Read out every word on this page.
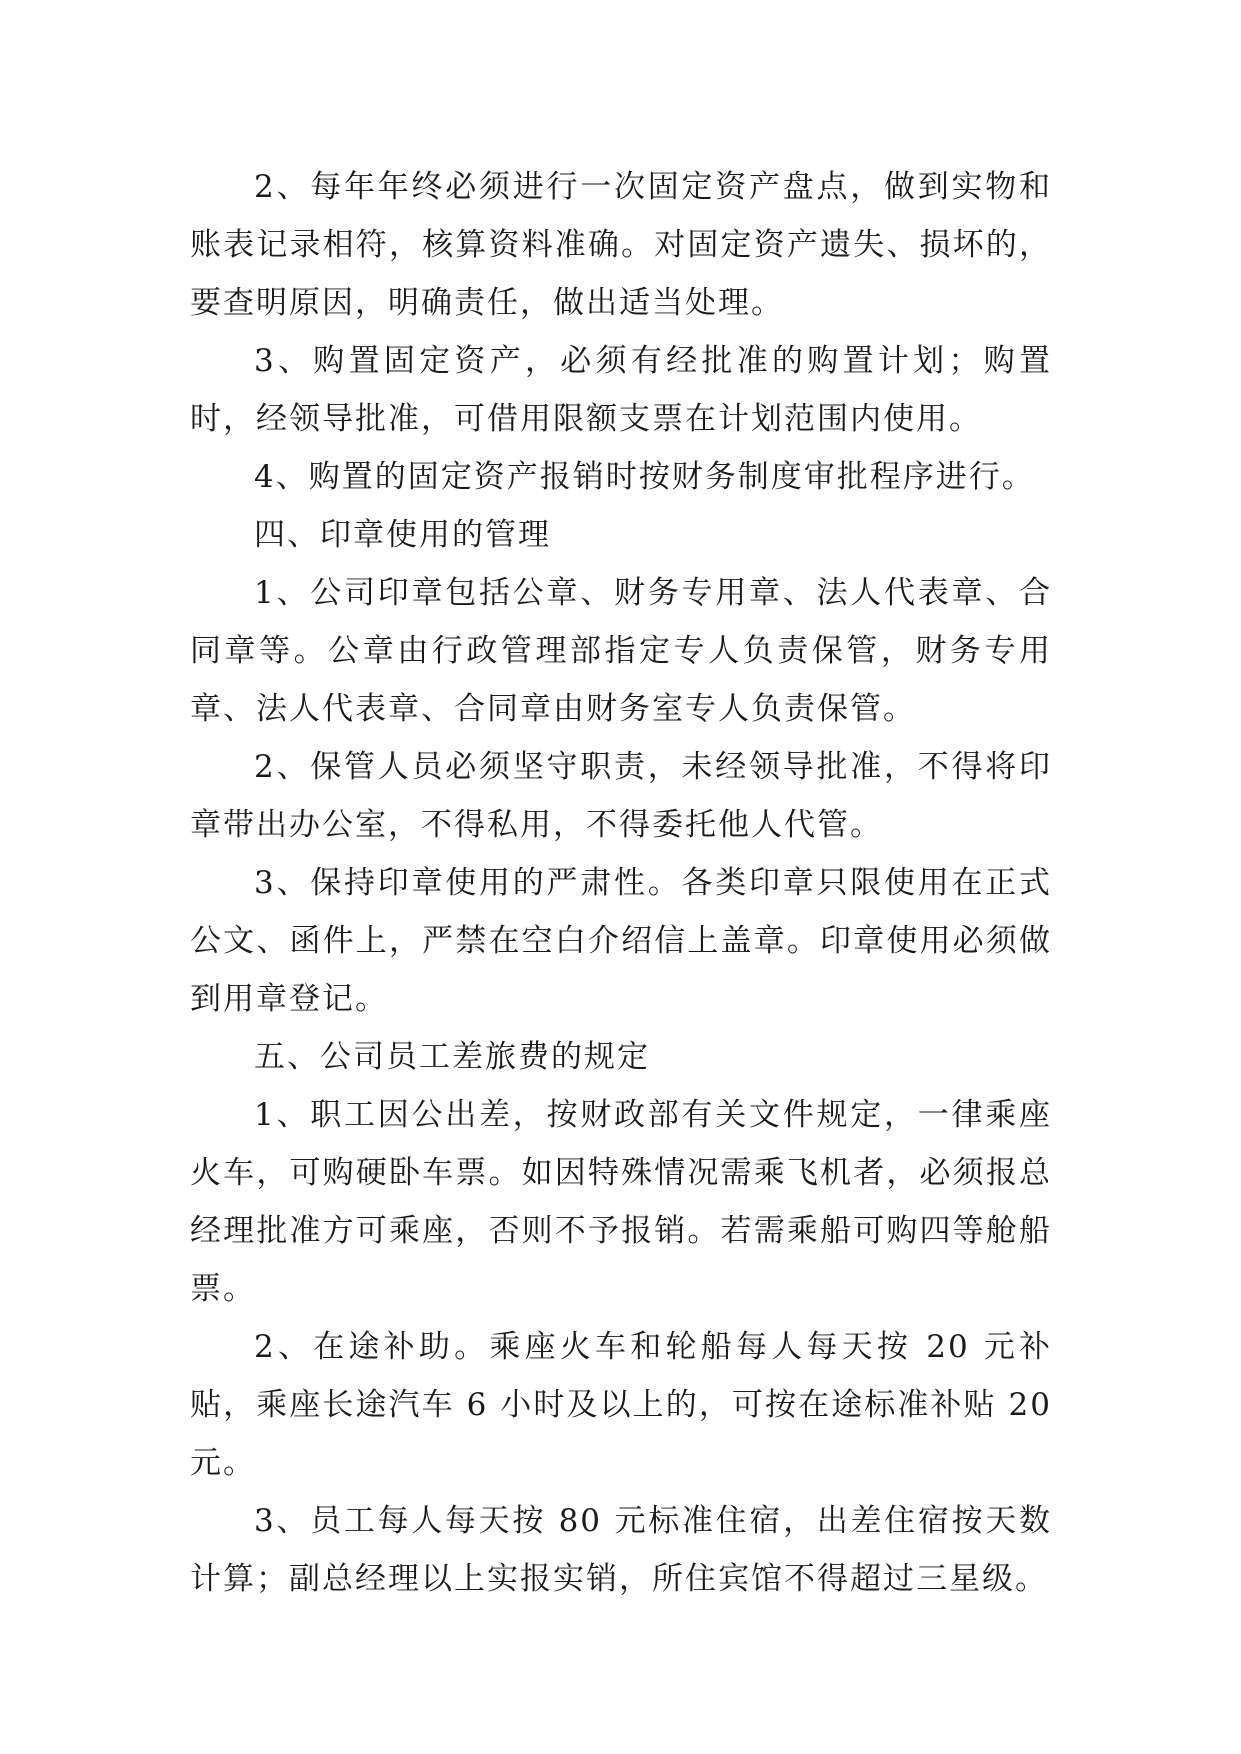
2、每年年终必须进行一次固定资产盘点，做到实物和账表记录相符，核算资料准确。对固定资产遗失、损坏的，要查明原因，明确责任，做出适当处理。

3、购置固定资产，必须有经批准的购置计划；购置时，经领导批准，可借用限额支票在计划范围内使用。

4、购置的固定资产报销时按财务制度审批程序进行。

四、印章使用的管理

1、公司印章包括公章、财务专用章、法人代表章、合同章等。公章由行政管理部指定专人负责保管，财务专用章、法人代表章、合同章由财务室专人负责保管。

2、保管人员必须坚守职责，未经领导批准，不得将印章带出办公室，不得私用，不得委托他人代管。

3、保持印章使用的严肃性。各类印章只限使用在正式公文、函件上，严禁在空白介绍信上盖章。印章使用必须做到用章登记。

五、公司员工差旅费的规定

1、职工因公出差，按财政部有关文件规定，一律乘座火车，可购硬卧车票。如因特殊情况需乘飞机者，必须报总经理批准方可乘座，否则不予报销。若需乘船可购四等舱船票。

2、在途补助。乘座火车和轮船每人每天按 20 元补贴，乘座长途汽车 6 小时及以上的，可按在途标准补贴 20 元。

3、员工每人每天按 80 元标准住宿，出差住宿按天数计算；副总经理以上实报实销，所住宾馆不得超过三星级。
